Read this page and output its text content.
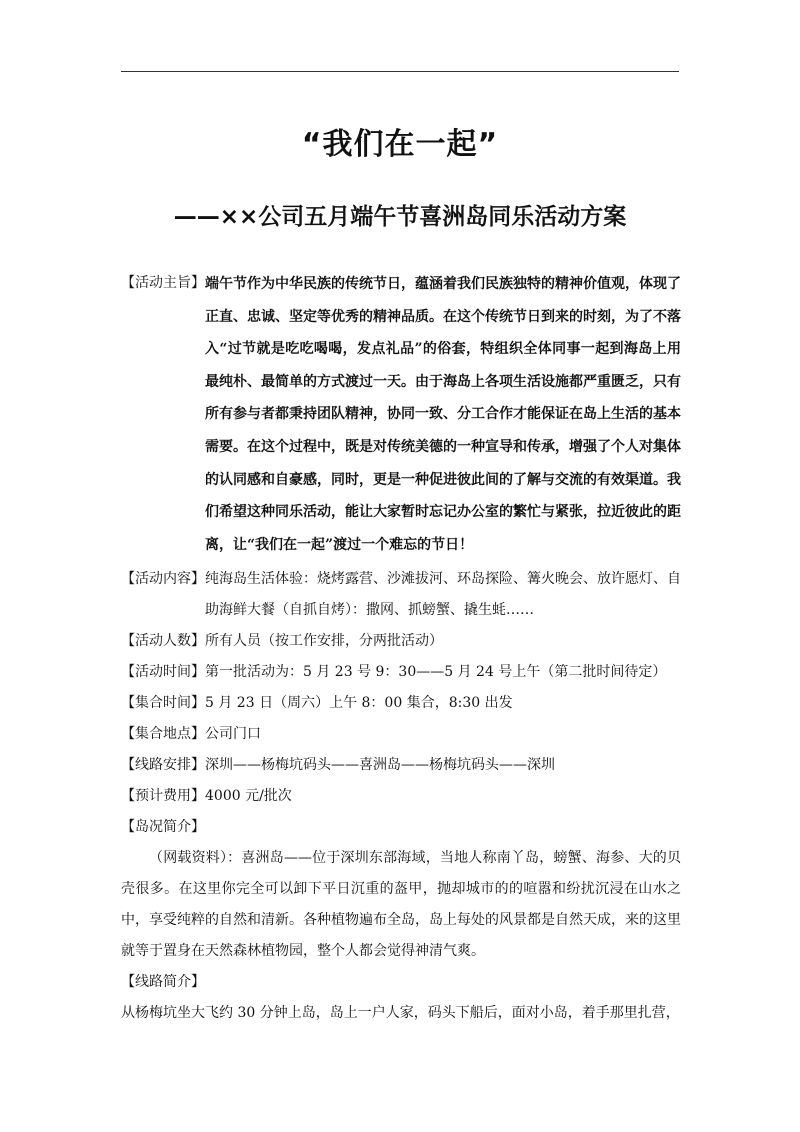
“我们在一起”
——××公司五月端午节喜洲岛同乐活动方案
【活动主旨】 端午节作为中华民族的传统节日，蕴涵着我们民族独特的精神价值观，体现了正直、忠诚、坚定等优秀的精神品质。在这个传统节日到来的时刻，为了不落入“过节就是吃吃喝喝，发点礼品”的俗套，特组织全体同事一起到海岛上用最纯朴、最简单的方式渡过一天。由于海岛上各项生活设施都严重匮乏，只有所有参与者都秉持团队精神，协同一致、分工合作才能保证在岛上生活的基本需要。在这个过程中，既是对传统美德的一种宣导和传承，增强了个人对集体的认同感和自豪感，同时，更是一种促进彼此间的了解与交流的有效渠道。我们希望这种同乐活动，能让大家暂时忘记办公室的繁忙与紧张，拉近彼此的距离，让“我们在一起”渡过一个难忘的节日！
【活动内容】 纯海岛生活体验：烧烤露营、沙滩拔河、环岛探险、篝火晚会、放许愿灯、自助海鲜大餐（自抓自烤）：撒网、抓螃蟹、撬生蚝……
【活动人数】 所有人员（按工作安排，分两批活动）
【活动时间】 第一批活动为：5 月 23 号 9：30——5 月 24 号上午（第二批时间待定）
【集合时间】 5 月 23 日（周六）上午 8：00 集合，8:30 出发
【集合地点】 公司门口
【线路安排】 深圳——杨梅坑码头——喜洲岛——杨梅坑码头——深圳
【预计费用】 4000 元/批次
【岛况简介】
（网载资料）：喜洲岛——位于深圳东部海域，当地人称南丫岛，螃蟹、海参、大的贝壳很多。在这里你完全可以卸下平日沉重的盔甲，抛却城市的的喧嚣和纷扰沉浸在山水之中，享受纯粹的自然和清新。各种植物遍布全岛，岛上每处的风景都是自然天成，来的这里就等于置身在天然森林植物园，整个人都会觉得神清气爽。
【线路简介】
从杨梅坑坐大飞约 30 分钟上岛，岛上一户人家，码头下船后，面对小岛，着手那里扎营，
